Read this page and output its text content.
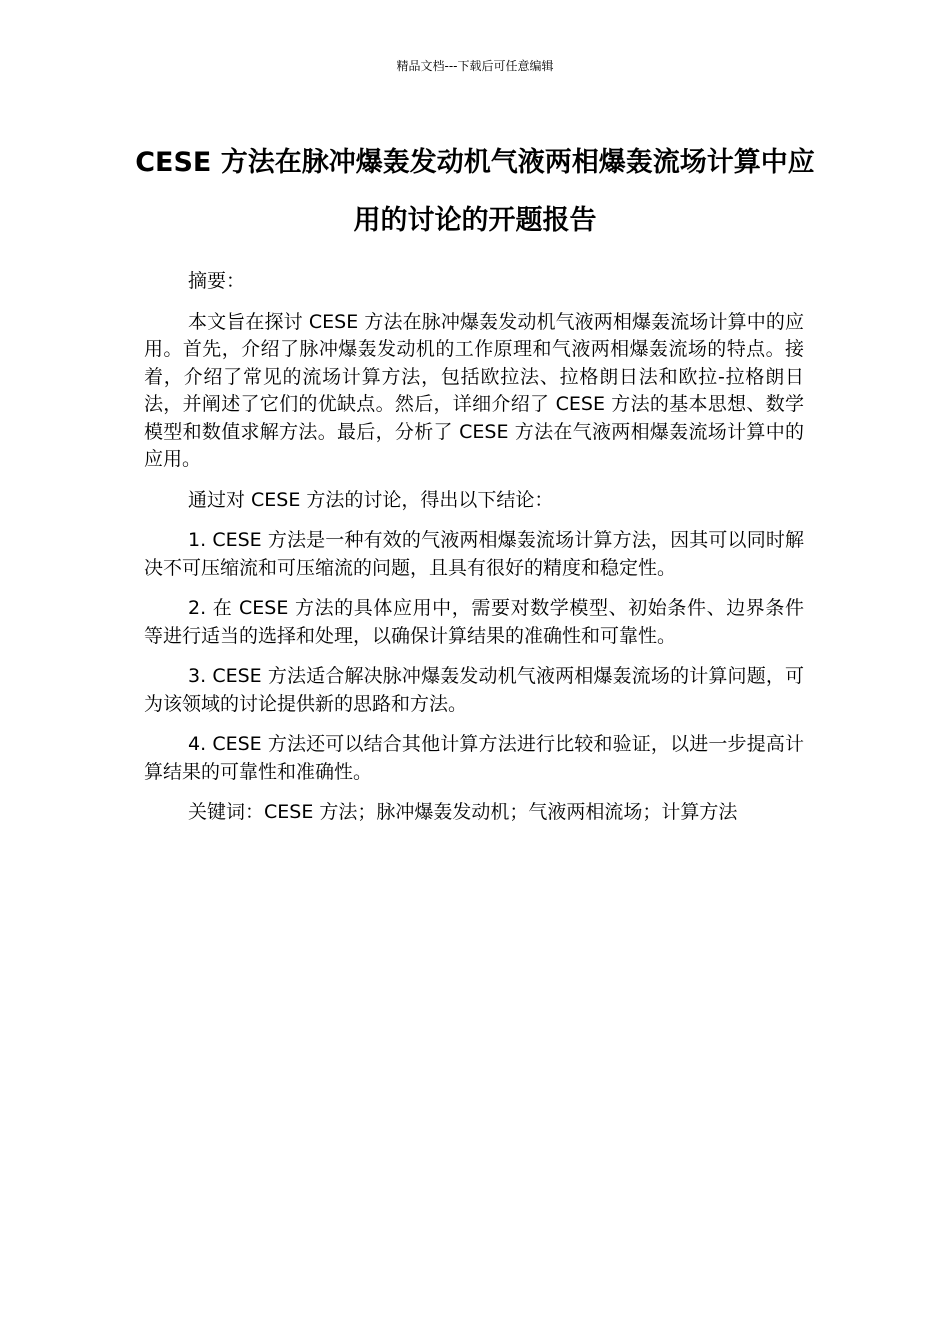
精品文档---下载后可任意编辑
CESE 方法在脉冲爆轰发动机气液两相爆轰流场计算中应用的讨论的开题报告

摘要：

本文旨在探讨 CESE 方法在脉冲爆轰发动机气液两相爆轰流场计算中的应用。首先，介绍了脉冲爆轰发动机的工作原理和气液两相爆轰流场的特点。接着，介绍了常见的流场计算方法，包括欧拉法、拉格朗日法和欧拉-拉格朗日法，并阐述了它们的优缺点。然后，详细介绍了 CESE 方法的基本思想、数学模型和数值求解方法。最后，分析了 CESE 方法在气液两相爆轰流场计算中的应用。

通过对 CESE 方法的讨论，得出以下结论：

1. CESE 方法是一种有效的气液两相爆轰流场计算方法，因其可以同时解决不可压缩流和可压缩流的问题，且具有很好的精度和稳定性。

2. 在 CESE 方法的具体应用中，需要对数学模型、初始条件、边界条件等进行适当的选择和处理，以确保计算结果的准确性和可靠性。

3. CESE 方法适合解决脉冲爆轰发动机气液两相爆轰流场的计算问题，可为该领域的讨论提供新的思路和方法。

4. CESE 方法还可以结合其他计算方法进行比较和验证，以进一步提高计算结果的可靠性和准确性。

关键词：CESE 方法；脉冲爆轰发动机；气液两相流场；计算方法
